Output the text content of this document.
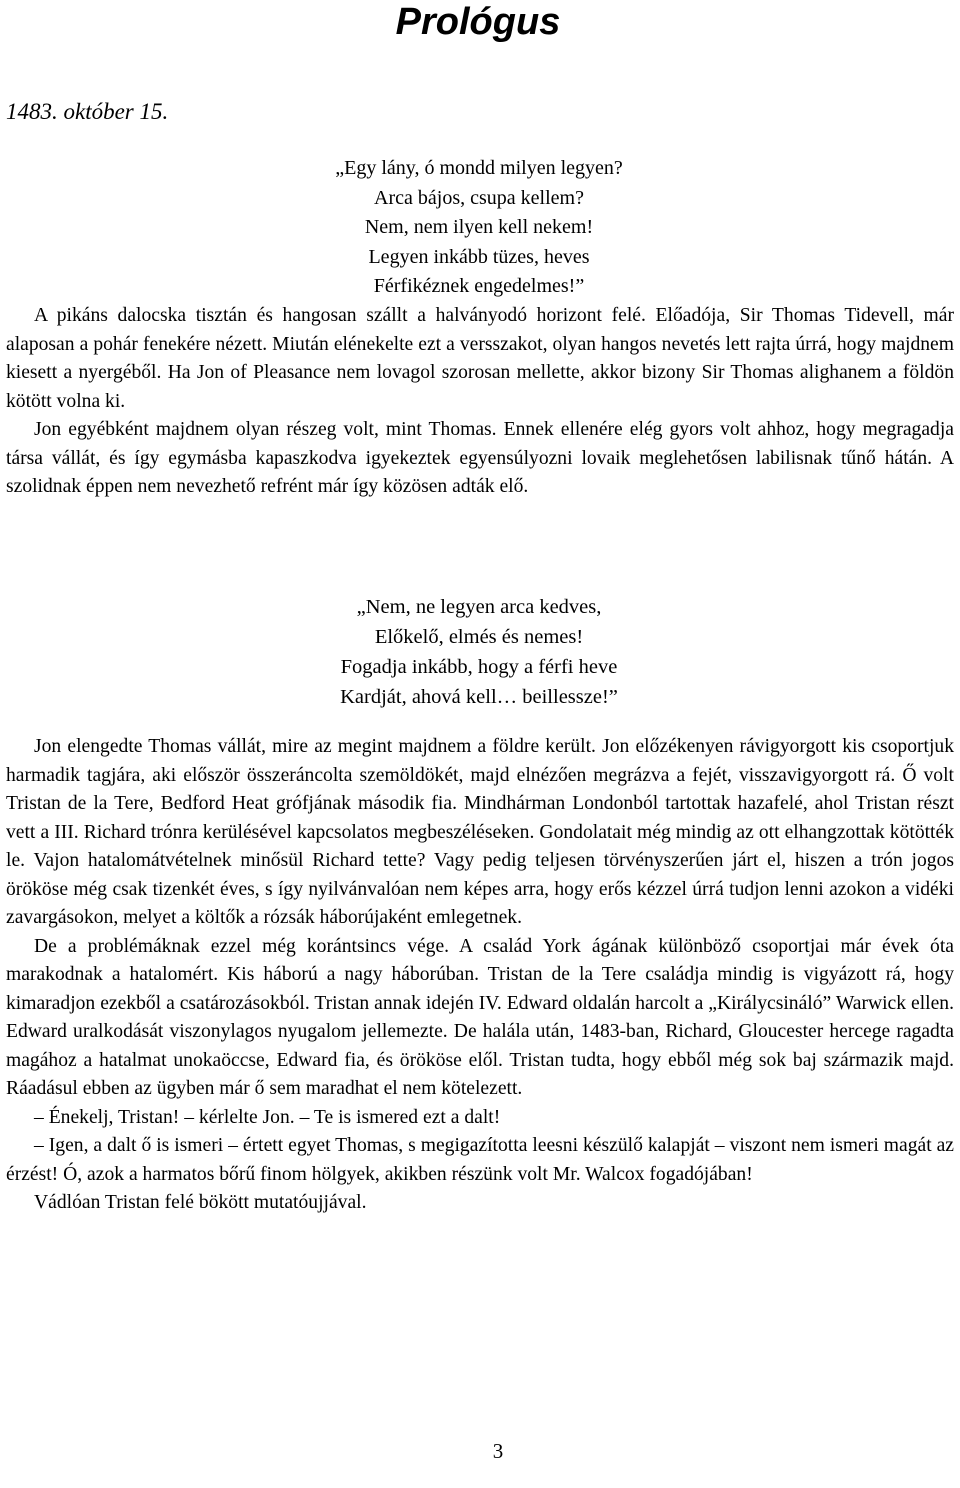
Prológus
1483. október 15.
„Egy lány, ó mondd milyen legyen?
Arca bájos, csupa kellem?
Nem, nem ilyen kell nekem!
Legyen inkább tüzes, heves
Férfikéznek engedelmes!”

A pikáns dalocska tisztán és hangosan szállt a halványodó horizont felé. Előadója, Sir Thomas Tidevell, már alaposan a pohár fenekére nézett. Miután elénekelte ezt a versszakot, olyan hangos nevetés lett rajta úrrá, hogy majdnem kiesett a nyergéből. Ha Jon of Pleasance nem lovagol szorosan mellette, akkor bizony Sir Thomas alighanem a földön kötött volna ki.

Jon egyébként majdnem olyan részeg volt, mint Thomas. Ennek ellenére elég gyors volt ahhoz, hogy megragadja társa vállát, és így egymásba kapaszkodva igyekeztek egyensúlyozni lovaik meglehetősen labilisnak tűnő hátán. A szolidnak éppen nem nevezhető refrént már így közösen adták elő.

„Nem, ne legyen arca kedves,
Előkelő, elmés és nemes!
Fogadja inkább, hogy a férfi heve
Kardját, ahová kell… beillessze!”

Jon elengedte Thomas vállát, mire az megint majdnem a földre került. Jon előzékenyen rávigyorgott kis csoportjuk harmadik tagjára, aki először összeráncolta szemöldökét, majd elnézően megrázva a fejét, visszavigyorgott rá. Ő volt Tristan de la Tere, Bedford Heat grófjának második fia. Mindhárman Londonból tartottak hazafelé, ahol Tristan részt vett a III. Richard trónra kerülésével kapcsolatos megbeszéléseken. Gondolatait még mindig az ott elhangzottak kötötték le. Vajon hatalomátvételnek minősül Richard tette? Vagy pedig teljesen törvényszerűen járt el, hiszen a trón jogos örököse még csak tizenkét éves, s így nyilvánvalóan nem képes arra, hogy erős kézzel úrrá tudjon lenni azokon a vidéki zavargásokon, melyet a költők a rózsák háborújaként emlegetnek.

De a problémáknak ezzel még korántsincs vége. A család York ágának különböző csoportjai már évek óta marakodnak a hatalomért. Kis háború a nagy háborúban. Tristan de la Tere családja mindig is vigyázott rá, hogy kimaradjon ezekből a csatározásokból. Tristan annak idején IV. Edward oldalán harcolt a „Királycsináló” Warwick ellen. Edward uralkodását viszonylagos nyugalom jellemezte. De halála után, 1483-ban, Richard, Gloucester hercege ragadta magához a hatalmat unokaöccse, Edward fia, és örököse elől. Tristan tudta, hogy ebből még sok baj származik majd. Ráadásul ebben az ügyben már ő sem maradhat el nem kötelezett.

– Énekelj, Tristan! – kérlelte Jon. – Te is ismered ezt a dalt!

– Igen, a dalt ő is ismeri – értett egyet Thomas, s megigazította leesni készülő kalapját – viszont nem ismeri magát az érzést! Ó, azok a harmatos bőrű finom hölgyek, akikben részünk volt Mr. Walcox fogadójában!

Vádlóan Tristan felé bökött mutatóujjával.

3
